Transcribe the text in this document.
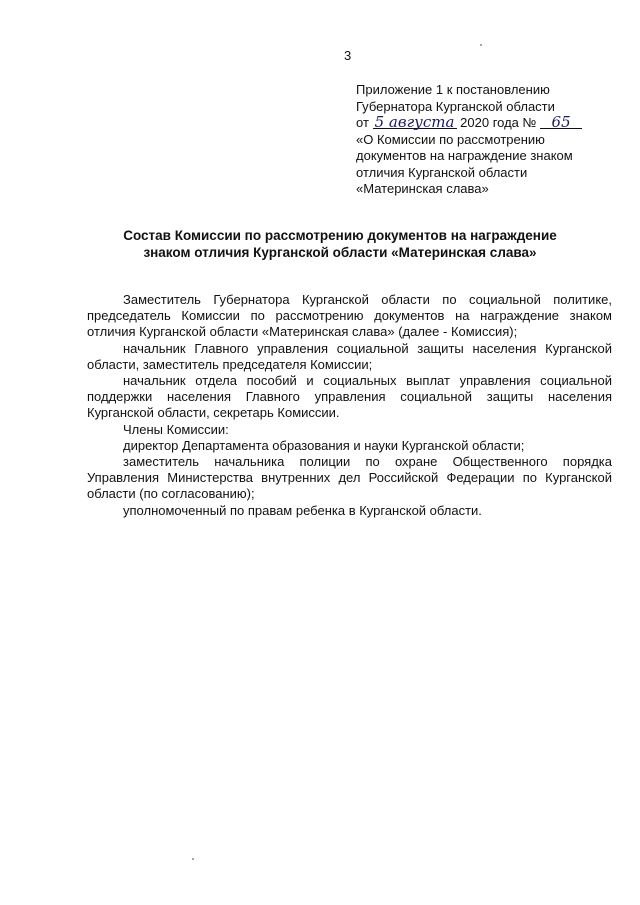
3
Приложение 1 к постановлению
Губернатора Курганской области
от 5 августа 2020 года № 65
«О Комиссии по рассмотрению
документов на награждение знаком
отличия Курганской области
«Материнская слава»
Состав Комиссии по рассмотрению документов на награждение
знаком отличия Курганской области «Материнская слава»

Заместитель Губернатора Курганской области по социальной политике, председатель Комиссии по рассмотрению документов на награждение знаком отличия Курганской области «Материнская слава» (далее - Комиссия);

начальник Главного управления социальной защиты населения Курганской области, заместитель председателя Комиссии;

начальник отдела пособий и социальных выплат управления социальной поддержки населения Главного управления социальной защиты населения Курганской области, секретарь Комиссии.

Члены Комиссии:

директор Департамента образования и науки Курганской области;

заместитель начальника полиции по охране Общественного порядка Управления Министерства внутренних дел Российской Федерации по Курганской области (по согласованию);

уполномоченный по правам ребенка в Курганской области.
